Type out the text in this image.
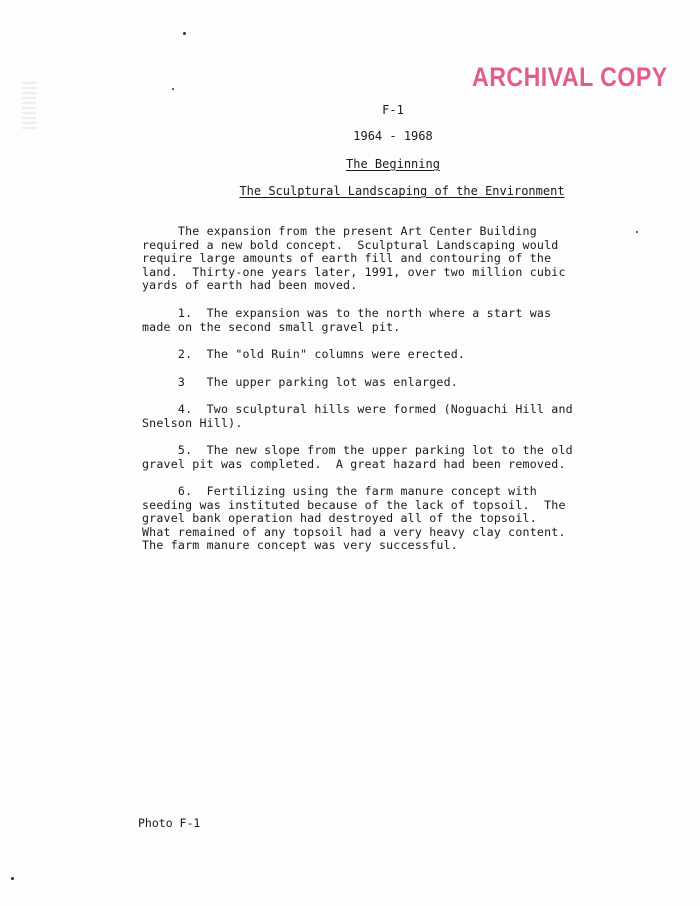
ARCHIVAL COPY
F-1
1964 - 1968
The Beginning
The Sculptural Landscaping of the Environment

The expansion from the present Art Center Building
required a new bold concept.  Sculptural Landscaping would
require large amounts of earth fill and contouring of the
land.  Thirty-one years later, 1991, over two million cubic
yards of earth had been moved.

1.  The expansion was to the north where a start was
made on the second small gravel pit.

2.  The "old Ruin" columns were erected.

3   The upper parking lot was enlarged.

4.  Two sculptural hills were formed (Noguachi Hill and
Snelson Hill).

5.  The new slope from the upper parking lot to the old
gravel pit was completed.  A great hazard had been removed.

6.  Fertilizing using the farm manure concept with
seeding was instituted because of the lack of topsoil.  The
gravel bank operation had destroyed all of the topsoil.
What remained of any topsoil had a very heavy clay content.
The farm manure concept was very successful.

Photo F-1
